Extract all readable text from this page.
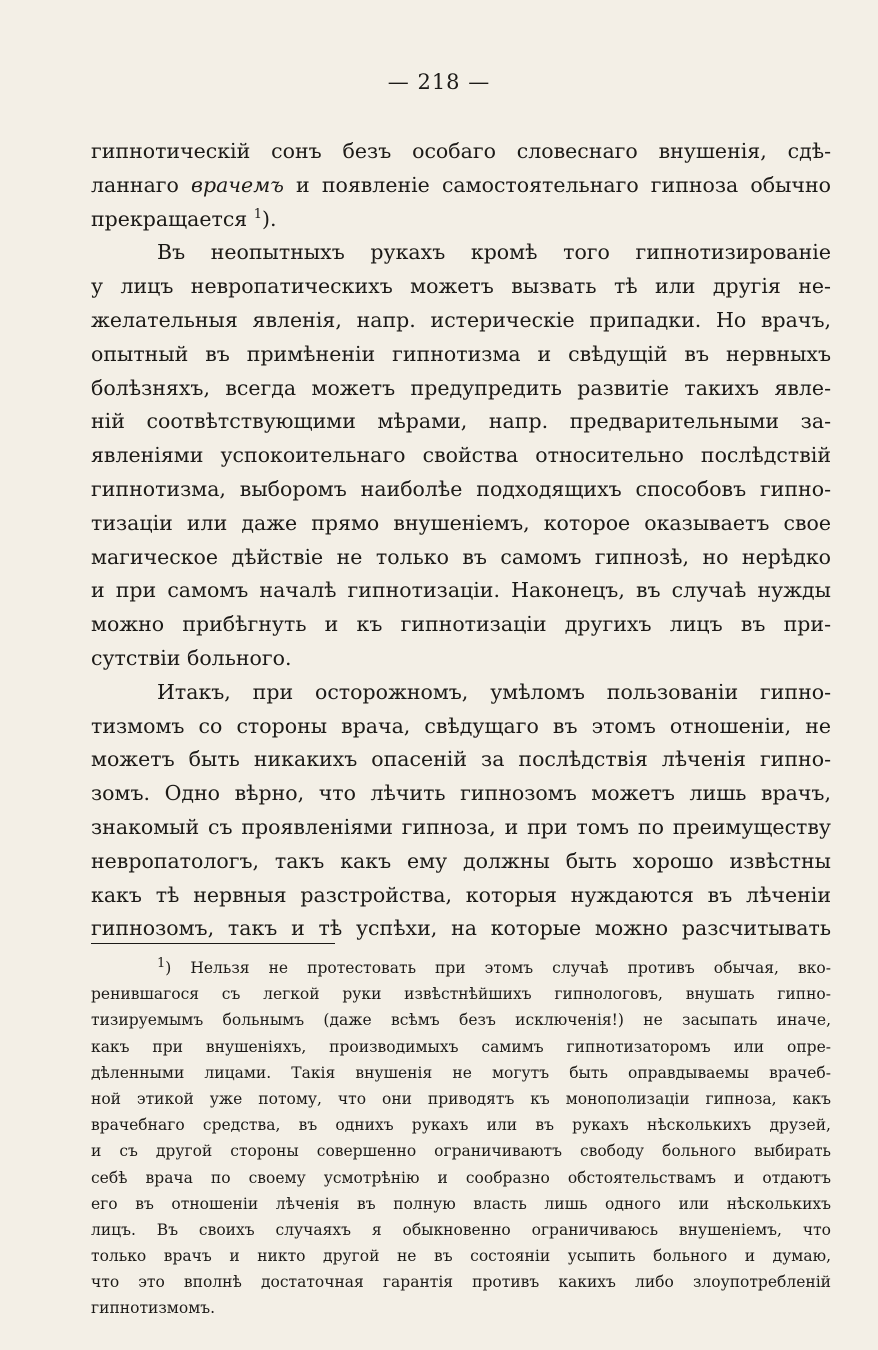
— 218 —
гипнотическій сонъ безъ особаго словеснаго внушенія, сдѣ-
ланнаго врачемъ и появленіе самостоятельнаго гипноза обычно
прекращается $^1$).
Въ неопытныхъ рукахъ кромѣ того гипнотизированіе
у лицъ невропатическихъ можетъ вызвать тѣ или другія не-
желательныя явленія, напр. истерическіе припадки. Но врачъ,
опытный въ примѣненіи гипнотизма и свѣдущій въ нервныхъ
болѣзняхъ, всегда можетъ предупредить развитіе такихъ явле-
ній соотвѣтствующими мѣрами, напр. предварительными за-
явленіями успокоительнаго свойства относительно послѣдствій
гипнотизма, выборомъ наиболѣе подходящихъ способовъ гипно-
тизаціи или даже прямо внушеніемъ, которое оказываетъ свое
магическое дѣйствіе не только въ самомъ гипнозѣ, но нерѣдко
и при самомъ началѣ гипнотизаціи. Наконецъ, въ случаѣ нужды
можно прибѣгнуть и къ гипнотизаціи другихъ лицъ въ при-
сутствіи больного.
Итакъ, при осторожномъ, умѣломъ пользованіи гипно-
тизмомъ со стороны врача, свѣдущаго въ этомъ отношеніи, не
можетъ быть никакихъ опасеній за послѣдствія лѣченія гипно-
зомъ. Одно вѣрно, что лѣчить гипнозомъ можетъ лишь врачъ,
знакомый съ проявленіями гипноза, и при томъ по преимуществу
невропатологъ, такъ какъ ему должны быть хорошо извѣстны
какъ тѣ нервныя разстройства, которыя нуждаются въ лѣченіи
гипнозомъ, такъ и тѣ успѣхи, на которые можно разсчитывать
$^1$) Нельзя не протестовать при этомъ случаѣ противъ обычая, вко-
ренившагося съ легкой руки извѣстнѣйшихъ гипнологовъ, внушать гипно-
тизируемымъ больнымъ (даже всѣмъ безъ исключенія!) не засыпать иначе,
какъ при внушеніяхъ, производимыхъ самимъ гипнотизаторомъ или опре-
дѣленными лицами. Такія внушенія не могутъ быть оправдываемы врачеб-
ной этикой уже потому, что они приводятъ къ монополизаціи гипноза, какъ
врачебнаго средства, въ однихъ рукахъ или въ рукахъ нѣсколькихъ друзей,
и съ другой стороны совершенно ограничиваютъ свободу больного выбирать
себѣ врача по своему усмотрѣнію и сообразно обстоятельствамъ и отдаютъ
его въ отношеніи лѣченія въ полную власть лишь одного или нѣсколькихъ
лицъ. Въ своихъ случаяхъ я обыкновенно ограничиваюсь внушеніемъ, что
только врачъ и никто другой не въ состояніи усыпить больного и думаю,
что это вполнѣ достаточная гарантія противъ какихъ либо злоупотребленій
гипнотизмомъ.
